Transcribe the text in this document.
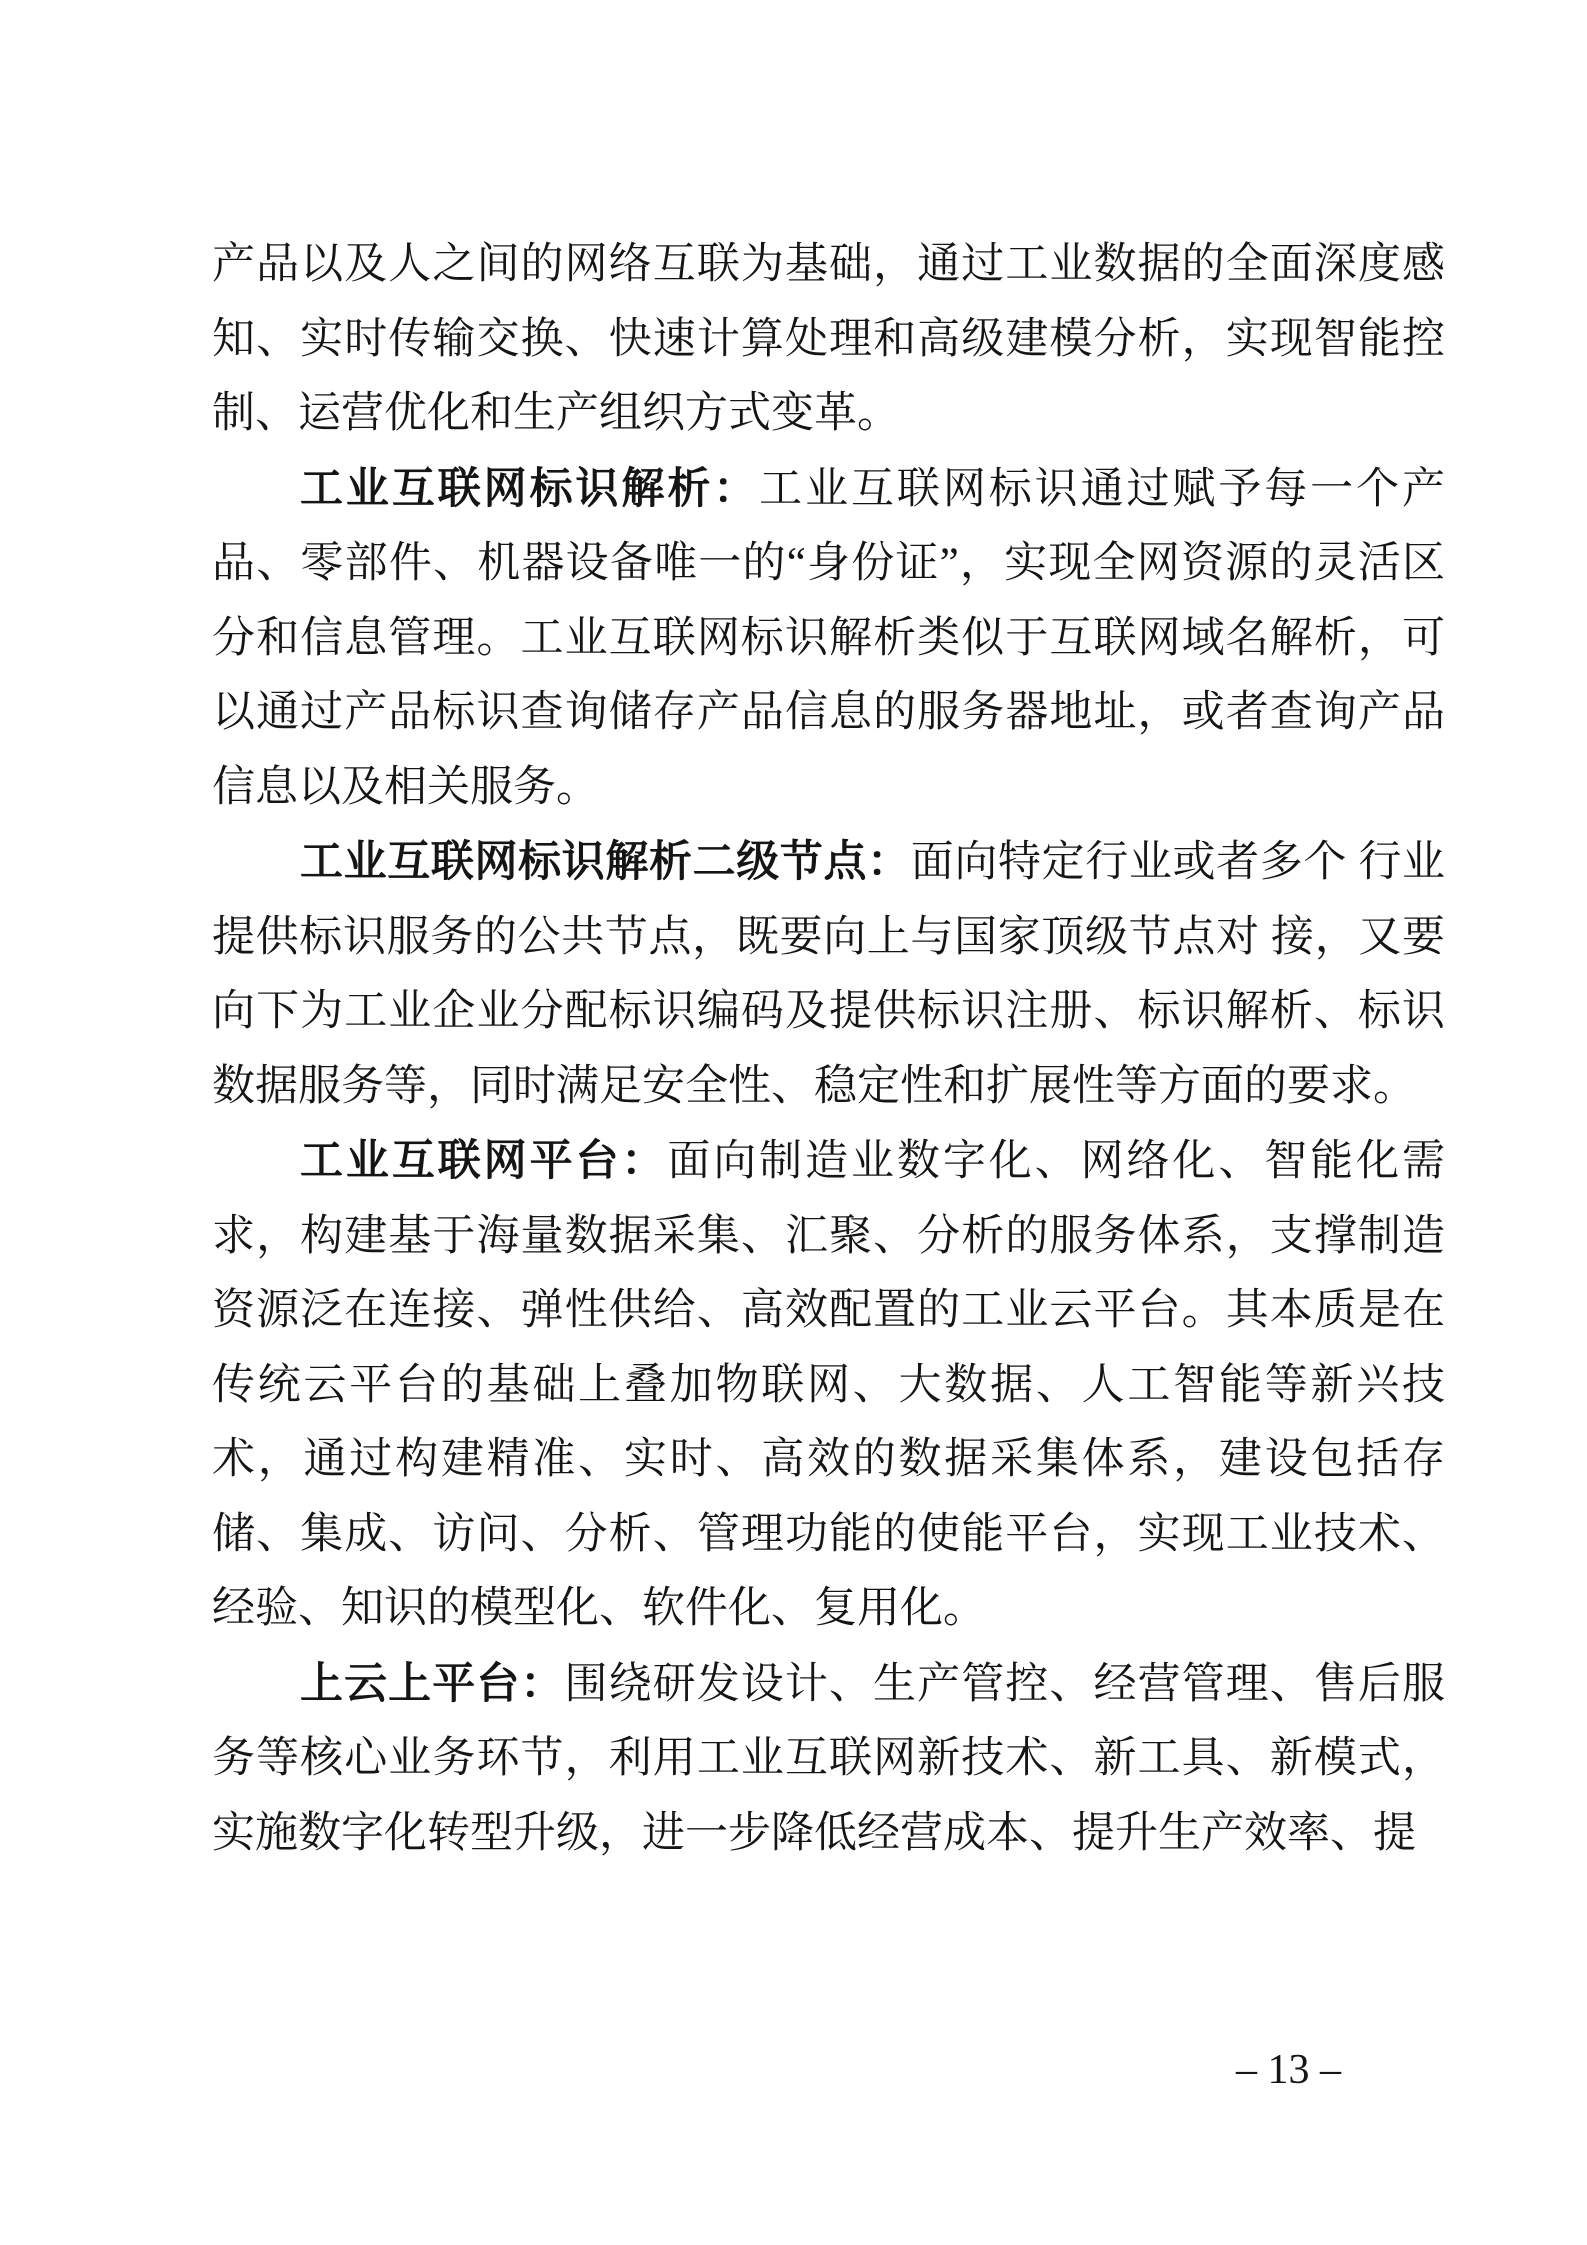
产品以及人之间的网络互联为基础，通过工业数据的全面深度感知、实时传输交换、快速计算处理和高级建模分析，实现智能控制、运营优化和生产组织方式变革。

工业互联网标识解析：工业互联网标识通过赋予每一个产品、零部件、机器设备唯一的“身份证”，实现全网资源的灵活区分和信息管理。工业互联网标识解析类似于互联网域名解析，可以通过产品标识查询储存产品信息的服务器地址，或者查询产品信息以及相关服务。

工业互联网标识解析二级节点：面向特定行业或者多个 行业提供标识服务的公共节点，既要向上与国家顶级节点对 接，又要向下为工业企业分配标识编码及提供标识注册、标识解析、标识数据服务等，同时满足安全性、稳定性和扩展性等方面的要求。

工业互联网平台：面向制造业数字化、网络化、智能化需求，构建基于海量数据采集、汇聚、分析的服务体系，支撑制造资源泛在连接、弹性供给、高效配置的工业云平台。其本质是在传统云平台的基础上叠加物联网、大数据、人工智能等新兴技术，通过构建精准、实时、高效的数据采集体系，建设包括存储、集成、访问、分析、管理功能的使能平台，实现工业技术、经验、知识的模型化、软件化、复用化。

上云上平台：围绕研发设计、生产管控、经营管理、售后服务等核心业务环节，利用工业互联网新技术、新工具、新模式，实施数字化转型升级，进一步降低经营成本、提升生产效率、提

– 13 –
